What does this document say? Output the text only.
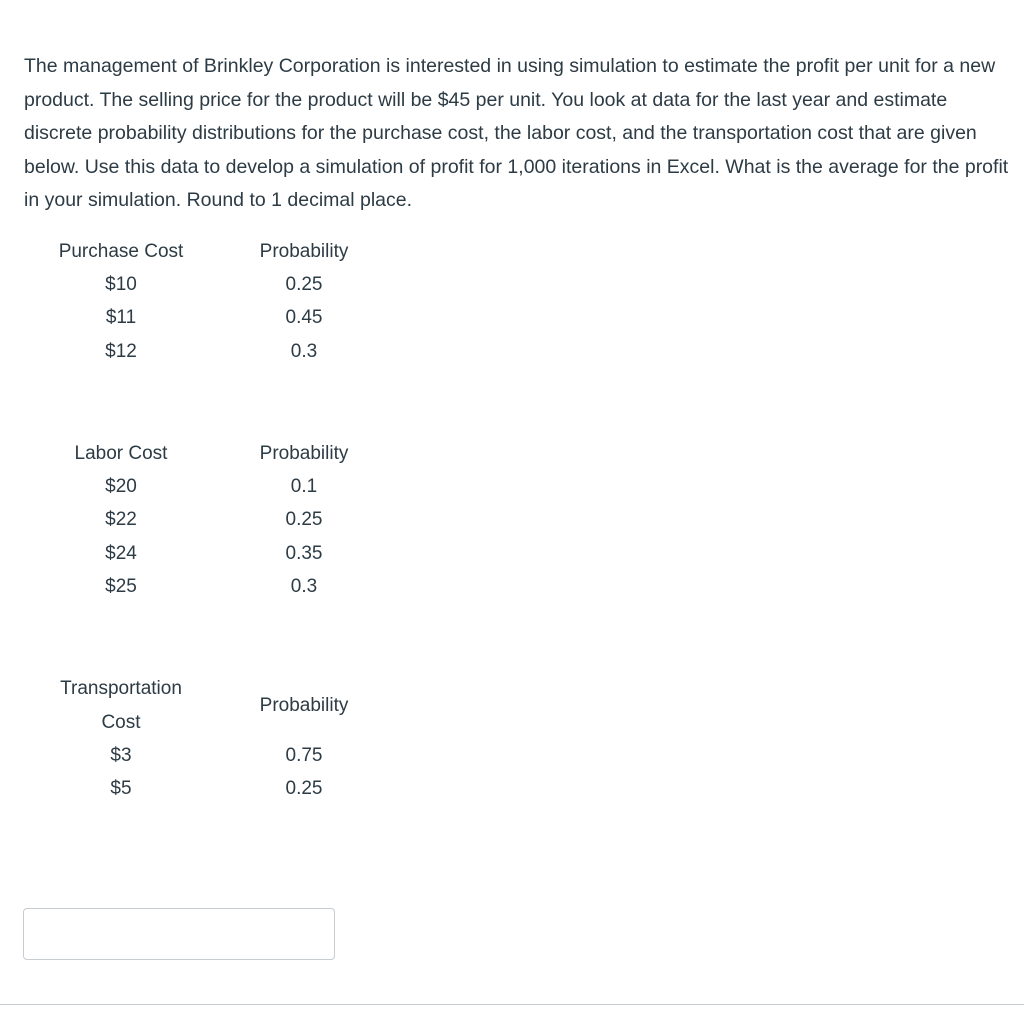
The management of Brinkley Corporation is interested in using simulation to estimate the profit per unit for a new product. The selling price for the product will be $45 per unit. You look at data for the last year and estimate discrete probability distributions for the purchase cost, the labor cost, and the transportation cost that are given below. Use this data to develop a simulation of profit for 1,000 iterations in Excel. What is the average for the profit in your simulation. Round to 1 decimal place.

Purchase Cost	Probability
$10	0.25
$11	0.45
$12	0.3
Labor Cost	Probability
$20	0.1
$22	0.25
$24	0.35
$25	0.3
Transportation
Cost	Probability
$3	0.75
$5	0.25
